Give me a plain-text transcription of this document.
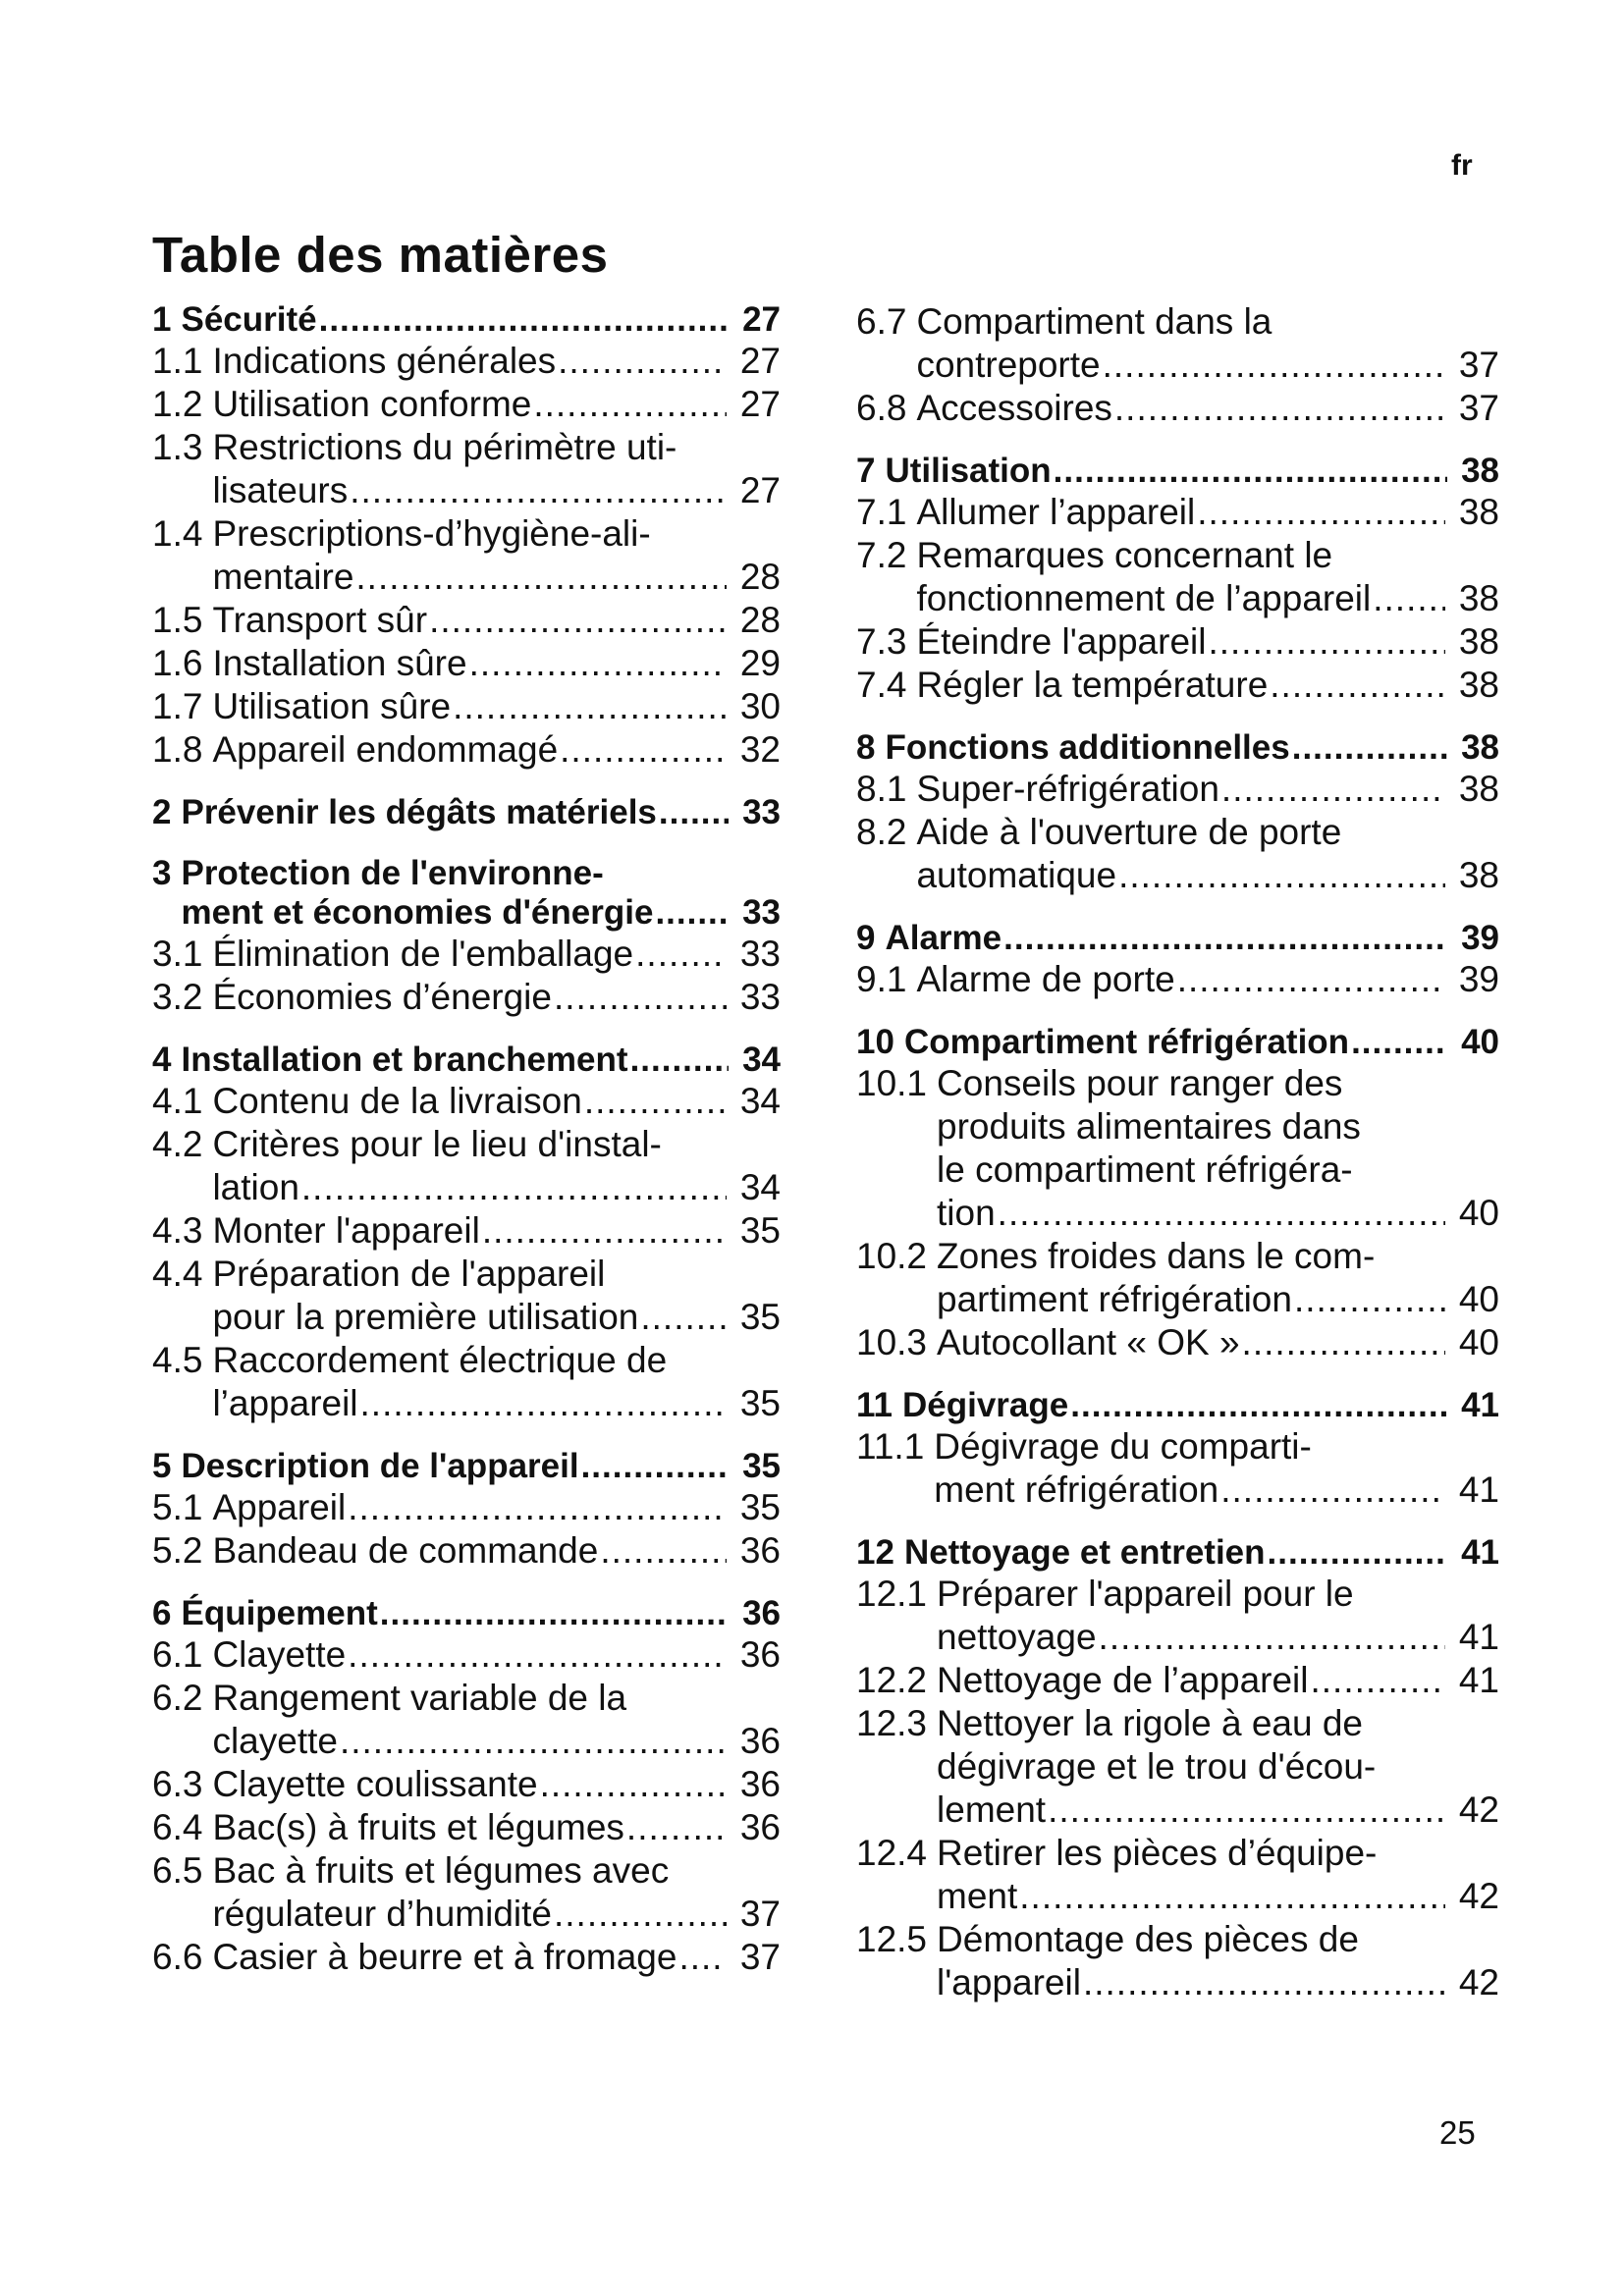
fr
Table des matières
1 Sécurité .....	27
1.1 Indications générales .....	27
1.2 Utilisation conforme .....	27
1.3 Restrictions du périmètre uti-
lisateurs .....	27
1.4 Prescriptions-d’hygiène-ali-
mentaire .....	28
1.5 Transport sûr .....	28
1.6 Installation sûre .....	29
1.7 Utilisation sûre .....	30
1.8 Appareil endommagé .....	32
2 Prévenir les dégâts matériels ..... 33
3 Protection de l'environne-
ment et économies d'énergie .....	33
3.1 Élimination de l'emballage .....	33
3.2 Économies d’énergie .....	33
4 Installation et branchement .....	34
4.1 Contenu de la livraison .....	34
4.2 Critères pour le lieu d'instal-
lation .....	34
4.3 Monter l'appareil .....	35
4.4 Préparation de l'appareil
pour la première utilisation .....	35
4.5 Raccordement électrique de
l’appareil .....	35
5 Description de l'appareil .....	35
5.1 Appareil .....	35
5.2 Bandeau de commande .....	36
6 Équipement .....	36
6.1 Clayette .....	36
6.2 Rangement variable de la
clayette .....	36
6.3 Clayette coulissante .....	36
6.4 Bac(s) à fruits et légumes .....	36
6.5 Bac à fruits et légumes avec
régulateur d’humidité .....	37
6.6 Casier à beurre et à fromage ..... 37
6.7 Compartiment dans la
contreporte .....	37
6.8 Accessoires .....	37
7 Utilisation .....	38
7.1 Allumer l’appareil .....	38
7.2 Remarques concernant le
fonctionnement de l’appareil ..... 38
7.3 Éteindre l'appareil .....	38
7.4 Régler la température .....	38
8 Fonctions additionnelles .....	38
8.1 Super-réfrigération .....	38
8.2 Aide à l'ouverture de porte
automatique .....	38
9 Alarme .....	39
9.1 Alarme de porte .....	39
10 Compartiment réfrigération .....	40
10.1 Conseils pour ranger des
produits alimentaires dans
le compartiment réfrigéra-
tion .....	40
10.2 Zones froides dans le com-
partiment réfrigération .....	40
10.3 Autocollant « OK » .....	40
11 Dégivrage .....	41
11.1 Dégivrage du comparti-
ment réfrigération .....	41
12 Nettoyage et entretien .....	41
12.1 Préparer l'appareil pour le
nettoyage .....	41
12.2 Nettoyage de l’appareil .....	41
12.3 Nettoyer la rigole à eau de
dégivrage et le trou d'écou-
lement .....	42
12.4 Retirer les pièces d’équipe-
ment .....	42
12.5 Démontage des pièces de
l'appareil .....	42
25
